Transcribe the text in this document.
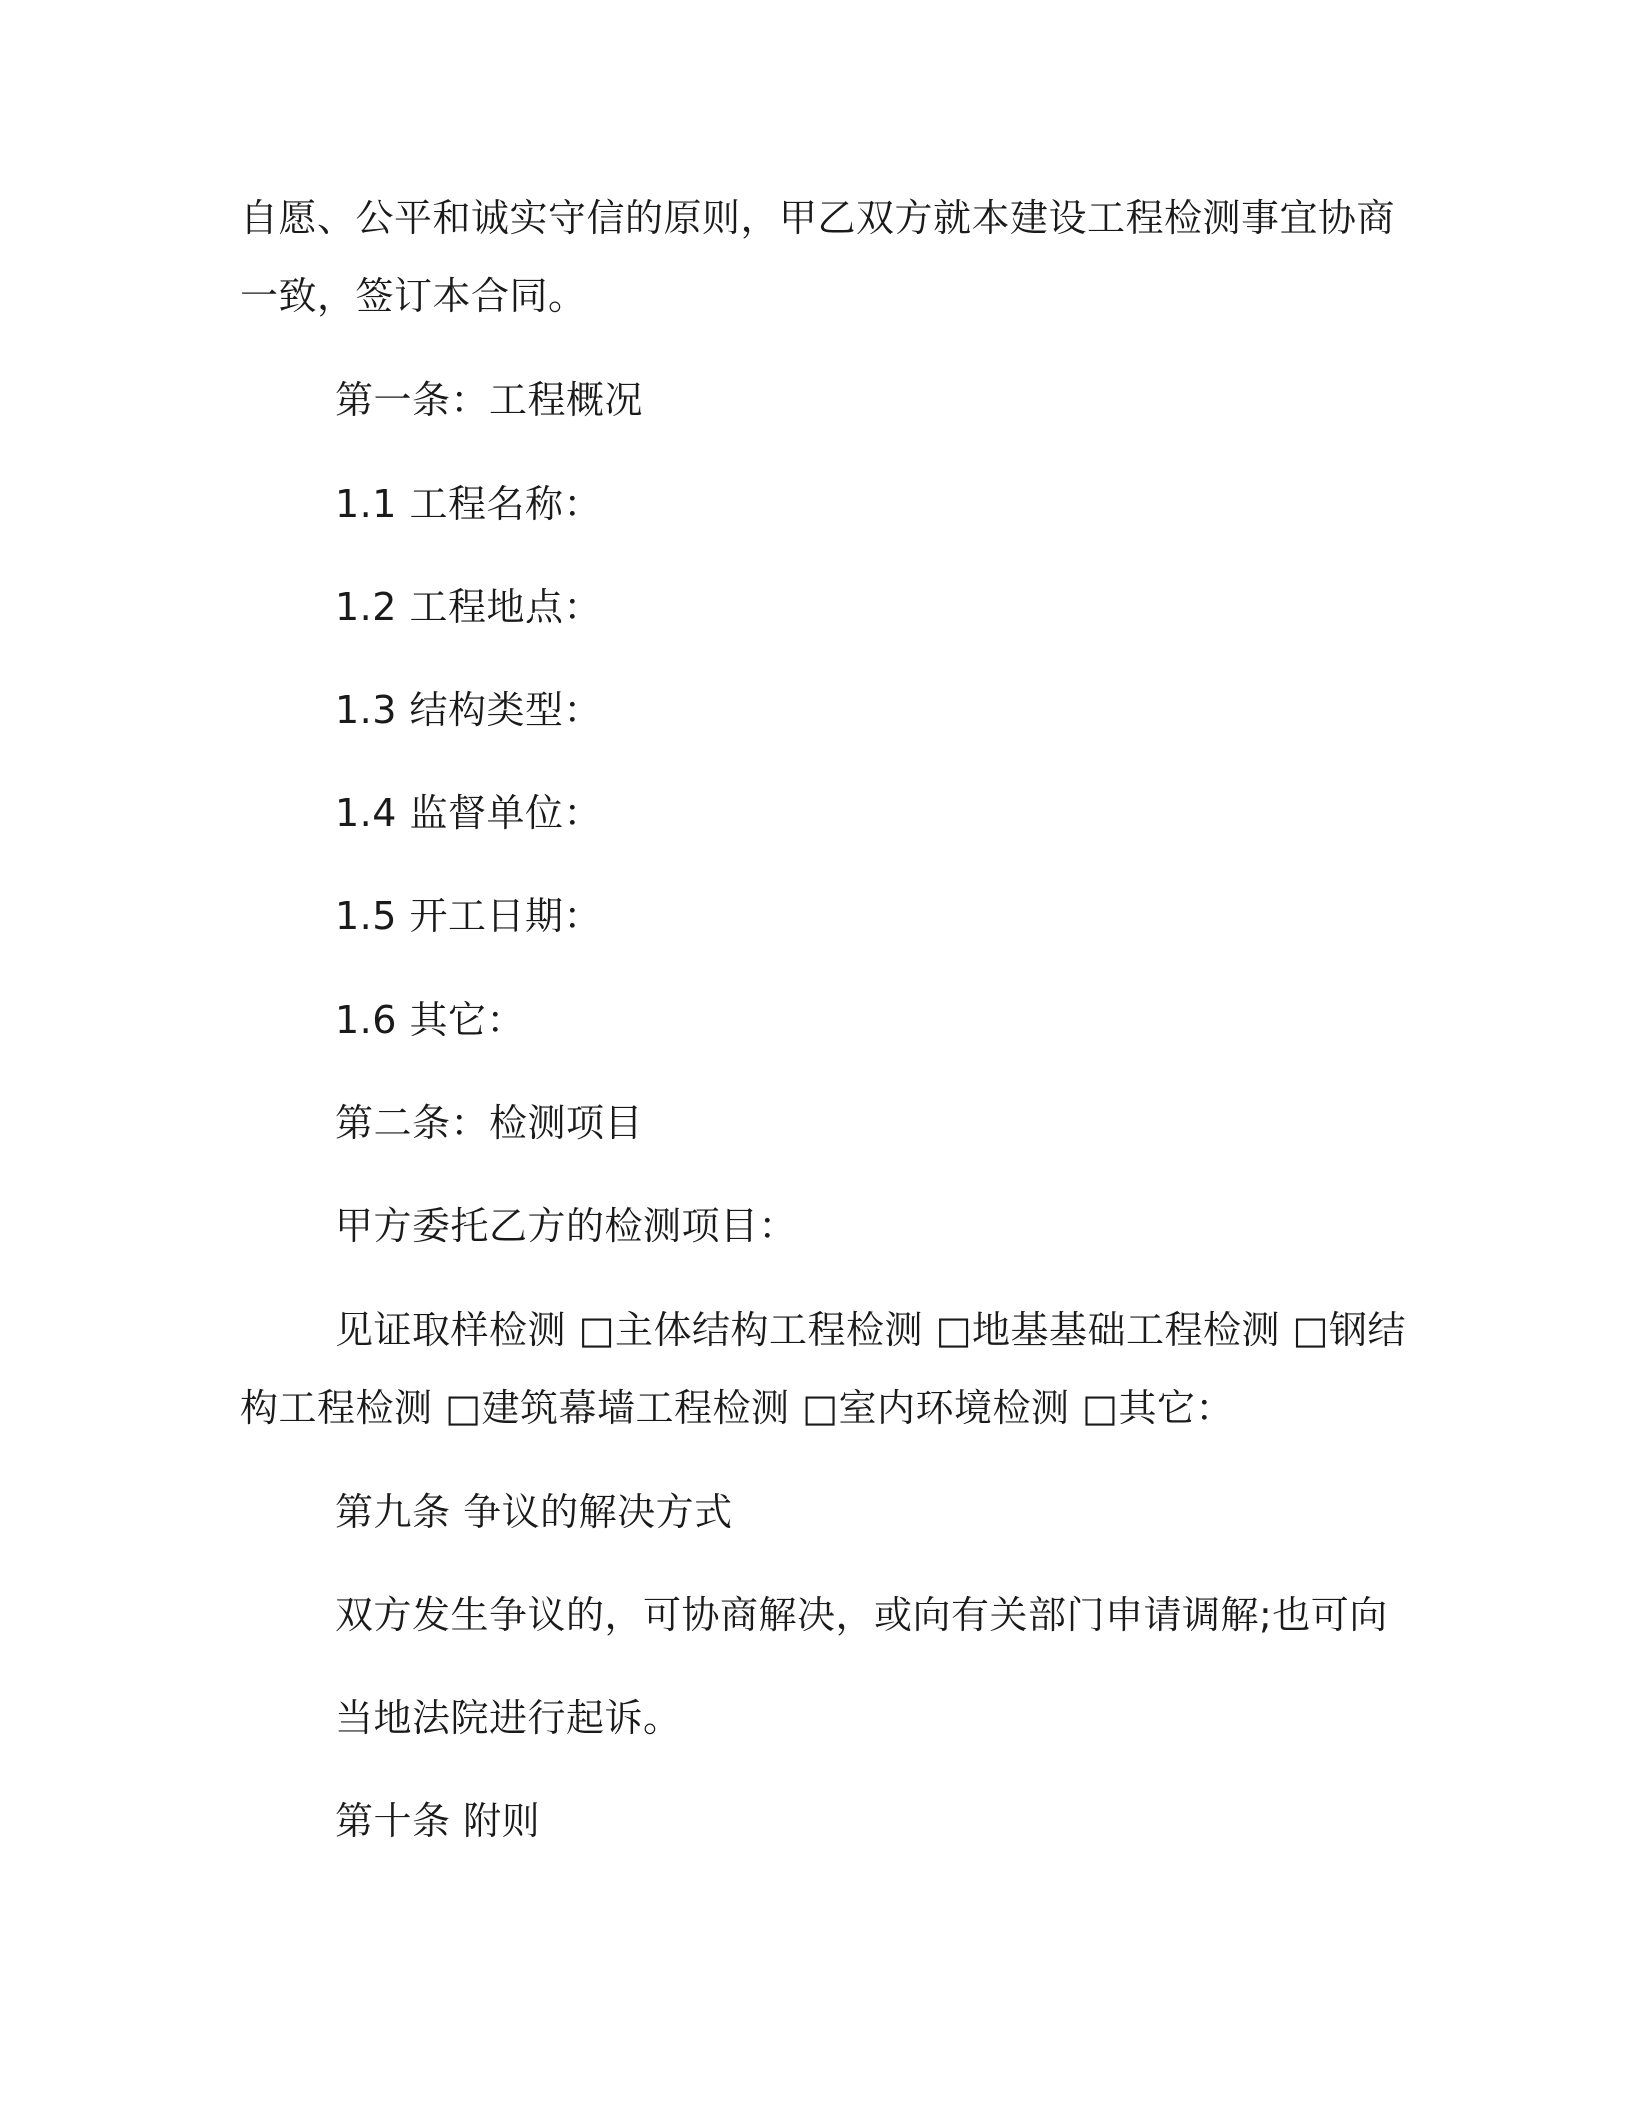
自愿、公平和诚实守信的原则，甲乙双方就本建设工程检测事宜协商
一致，签订本合同。
第一条：工程概况
1.1 工程名称：
1.2 工程地点：
1.3 结构类型：
1.4 监督单位：
1.5 开工日期：
1.6 其它：
第二条：检测项目
甲方委托乙方的检测项目：
见证取样检测 □主体结构工程检测 □地基基础工程检测 □钢结
构工程检测 □建筑幕墙工程检测 □室内环境检测 □其它：
第九条 争议的解决方式
双方发生争议的，可协商解决，或向有关部门申请调解;也可向
当地法院进行起诉。
第十条 附则
